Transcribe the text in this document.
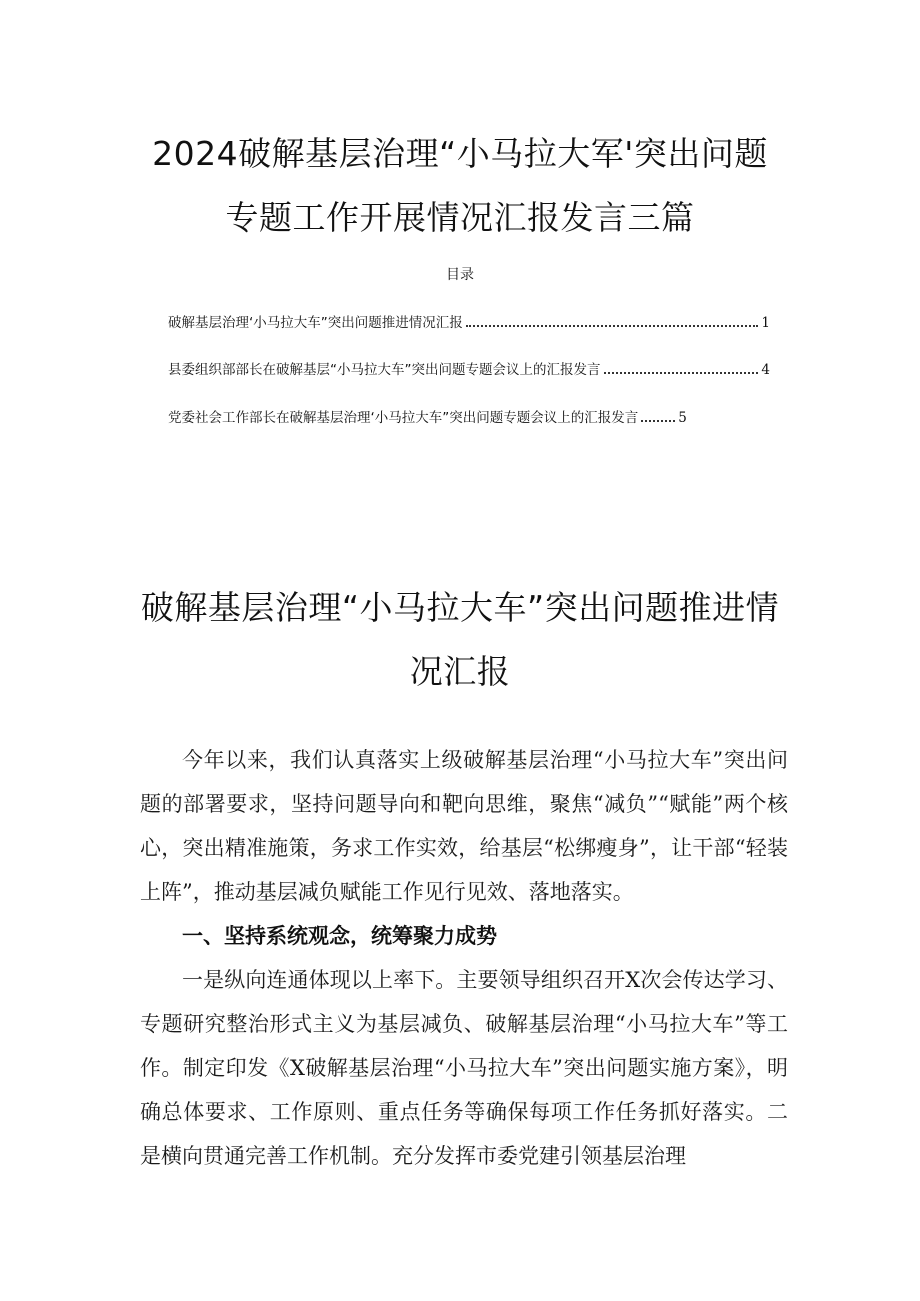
2024破解基层治理“小马拉大军'突出问题
专题工作开展情况汇报发言三篇
目录
破解基层治理‘小马拉大车”突出问题推进情况汇报	1
县委组织部部长在破解基层“小马拉大车”突出问题专题会议上的汇报发言	4
党委社会工作部长在破解基层治理‘小马拉大车”突出问题专题会议上的汇报发言	5
破解基层治理“小马拉大车”突出问题推进情
况汇报

今年以来，我们认真落实上级破解基层治理“小马拉大车”突出问题的部署要求，坚持问题导向和靶向思维，聚焦“减负”“赋能”两个核心，突出精准施策，务求工作实效，给基层“松绑瘦身”，让干部“轻装上阵”，推动基层减负赋能工作见行见效、落地落实。

一、坚持系统观念，统筹聚力成势

一是纵向连通体现以上率下。主要领导组织召开X次会传达学习、专题研究整治形式主义为基层减负、破解基层治理“小马拉大车”等工作。制定印发《X破解基层治理“小马拉大车”突出问题实施方案》，明确总体要求、工作原则、重点任务等确保每项工作任务抓好落实。二是横向贯通完善工作机制。充分发挥市委党建引领基层治理
